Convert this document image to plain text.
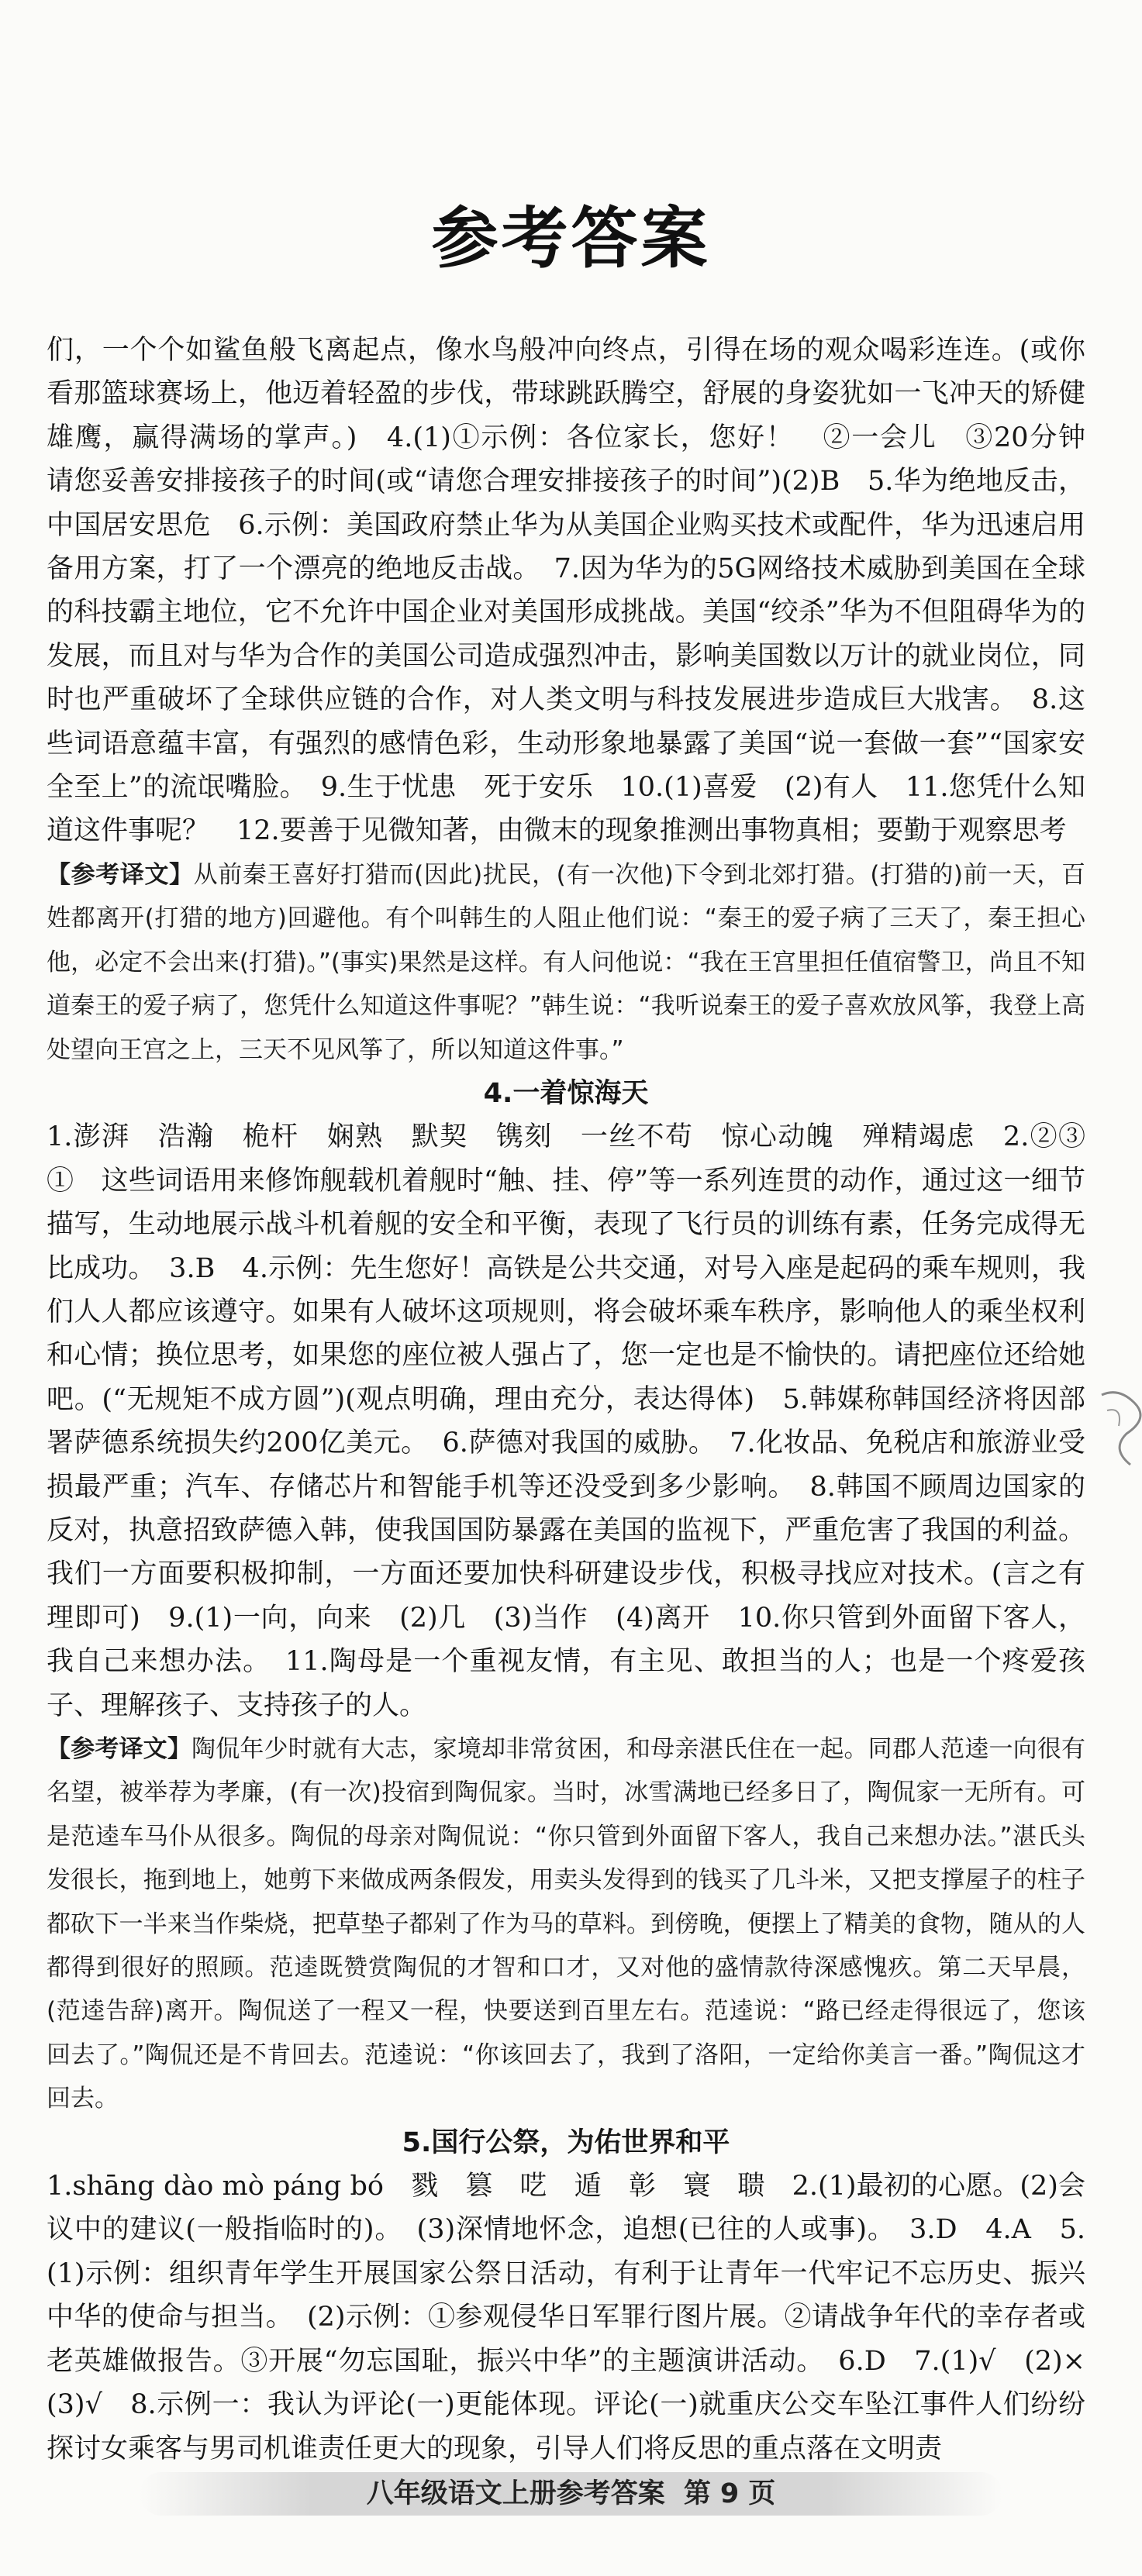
参考答案

们，一个个如鲨鱼般飞离起点，像水鸟般冲向终点，引得在场的观众喝彩连连。(或你看那篮球赛场上，他迈着轻盈的步伐，带球跳跃腾空，舒展的身姿犹如一飞冲天的矫健雄鹰，赢得满场的掌声。)　4.(1)①示例：各位家长，您好！　②一会儿　③20分钟　请您妥善安排接孩子的时间(或“请您合理安排接孩子的时间”)(2)B　5.华为绝地反击，中国居安思危　6.示例：美国政府禁止华为从美国企业购买技术或配件，华为迅速启用备用方案，打了一个漂亮的绝地反击战。　7.因为华为的5G网络技术威胁到美国在全球的科技霸主地位，它不允许中国企业对美国形成挑战。美国“绞杀”华为不但阻碍华为的发展，而且对与华为合作的美国公司造成强烈冲击，影响美国数以万计的就业岗位，同时也严重破坏了全球供应链的合作，对人类文明与科技发展进步造成巨大戕害。　8.这些词语意蕴丰富，有强烈的感情色彩，生动形象地暴露了美国“说一套做一套”“国家安全至上”的流氓嘴脸。　9.生于忧患　死于安乐　10.(1)喜爱　(2)有人　11.您凭什么知道这件事呢？　12.要善于见微知著，由微末的现象推测出事物真相；要勤于观察思考

【参考译文】从前秦王喜好打猎而(因此)扰民，(有一次他)下令到北郊打猎。(打猎的)前一天，百姓都离开(打猎的地方)回避他。有个叫韩生的人阻止他们说：“秦王的爱子病了三天了，秦王担心他，必定不会出来(打猎)。”(事实)果然是这样。有人问他说：“我在王宫里担任值宿警卫，尚且不知道秦王的爱子病了，您凭什么知道这件事呢？”韩生说：“我听说秦王的爱子喜欢放风筝，我登上高处望向王宫之上，三天不见风筝了，所以知道这件事。”

4.一着惊海天

1.澎湃　浩瀚　桅杆　娴熟　默契　镌刻　一丝不苟　惊心动魄　殚精竭虑　2.②③　①　这些词语用来修饰舰载机着舰时“触、挂、停”等一系列连贯的动作，通过这一细节描写，生动地展示战斗机着舰的安全和平衡，表现了飞行员的训练有素，任务完成得无比成功。　3.B　4.示例：先生您好！高铁是公共交通，对号入座是起码的乘车规则，我们人人都应该遵守。如果有人破坏这项规则，将会破坏乘车秩序，影响他人的乘坐权利和心情；换位思考，如果您的座位被人强占了，您一定也是不愉快的。请把座位还给她吧。(“无规矩不成方圆”)(观点明确，理由充分，表达得体)　5.韩媒称韩国经济将因部署萨德系统损失约200亿美元。　6.萨德对我国的威胁。　7.化妆品、免税店和旅游业受损最严重；汽车、存储芯片和智能手机等还没受到多少影响。　8.韩国不顾周边国家的反对，执意招致萨德入韩，使我国国防暴露在美国的监视下，严重危害了我国的利益。我们一方面要积极抑制，一方面还要加快科研建设步伐，积极寻找应对技术。(言之有理即可)　9.(1)一向，向来　(2)几　(3)当作　(4)离开　10.你只管到外面留下客人，我自己来想办法。　11.陶母是一个重视友情，有主见、敢担当的人；也是一个疼爱孩子、理解孩子、支持孩子的人。

【参考译文】陶侃年少时就有大志，家境却非常贫困，和母亲湛氏住在一起。同郡人范逵一向很有名望，被举荐为孝廉，(有一次)投宿到陶侃家。当时，冰雪满地已经多日了，陶侃家一无所有。可是范逵车马仆从很多。陶侃的母亲对陶侃说：“你只管到外面留下客人，我自己来想办法。”湛氏头发很长，拖到地上，她剪下来做成两条假发，用卖头发得到的钱买了几斗米，又把支撑屋子的柱子都砍下一半来当作柴烧，把草垫子都剁了作为马的草料。到傍晚，便摆上了精美的食物，随从的人都得到很好的照顾。范逵既赞赏陶侃的才智和口才，又对他的盛情款待深感愧疚。第二天早晨，(范逵告辞)离开。陶侃送了一程又一程，快要送到百里左右。范逵说：“路已经走得很远了，您该回去了。”陶侃还是不肯回去。范逵说：“你该回去了，我到了洛阳，一定给你美言一番。”陶侃这才回去。

5.国行公祭，为佑世界和平

1.shāng dào mò páng bó　戮　篡　呓　遁　彰　寰　聩　2.(1)最初的心愿。(2)会议中的建议(一般指临时的)。　(3)深情地怀念，追想(已往的人或事)。　3.D　4.A　5.(1)示例：组织青年学生开展国家公祭日活动，有利于让青年一代牢记不忘历史、振兴中华的使命与担当。　(2)示例：①参观侵华日军罪行图片展。②请战争年代的幸存者或老英雄做报告。③开展“勿忘国耻，振兴中华”的主题演讲活动。　6.D　7.(1)√　(2)×　(3)√　8.示例一：我认为评论(一)更能体现。评论(一)就重庆公交车坠江事件人们纷纷探讨女乘客与男司机谁责任更大的现象，引导人们将反思的重点落在文明责

八年级语文上册参考答案 第 9 页
